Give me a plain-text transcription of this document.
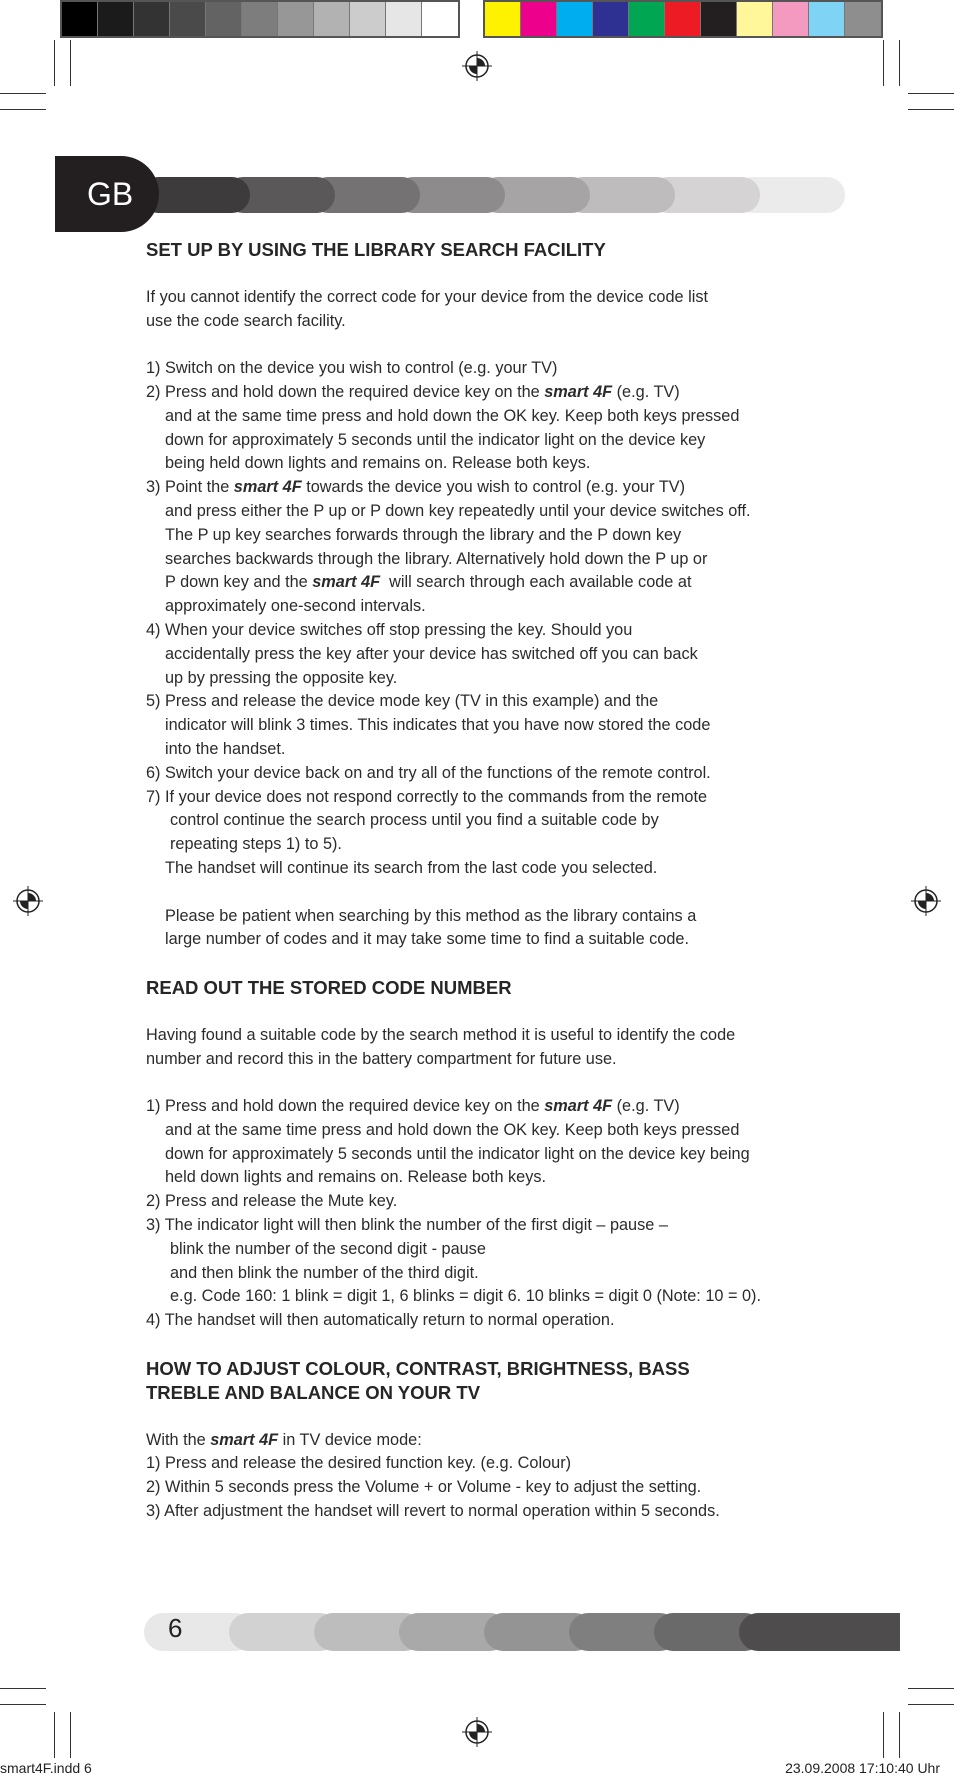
GB
SET UP BY USING THE LIBRARY SEARCH FACILITY

If you cannot identify the correct code for your device from the device code list

use the code search facility.

1) Switch on the device you wish to control (e.g. your TV)

2) Press and hold down the required device key on the smart 4F (e.g. TV)

and at the same time press and hold down the OK key. Keep both keys pressed

down for approximately 5 seconds until the indicator light on the device key

being held down lights and remains on. Release both keys.

3) Point the smart 4F towards the device you wish to control (e.g. your TV)

and press either the P up or P down key repeatedly until your device switches off.

The P up key searches forwards through the library and the P down key

searches backwards through the library. Alternatively hold down the P up or

P down key and the smart 4F  will search through each available code at

approximately one-second intervals.

4) When your device switches off stop pressing the key. Should you

accidentally press the key after your device has switched off you can back

up by pressing the opposite key.

5) Press and release the device mode key (TV in this example) and the

indicator will blink 3 times. This indicates that you have now stored the code

into the handset.

6) Switch your device back on and try all of the functions of the remote control.

7) If your device does not respond correctly to the commands from the remote

control continue the search process until you find a suitable code by

repeating steps 1) to 5).

The handset will continue its search from the last code you selected.

Please be patient when searching by this method as the library contains a

large number of codes and it may take some time to find a suitable code.

READ OUT THE STORED CODE NUMBER

Having found a suitable code by the search method it is useful to identify the code

number and record this in the battery compartment for future use.

1) Press and hold down the required device key on the smart 4F (e.g. TV)

and at the same time press and hold down the OK key. Keep both keys pressed

down for approximately 5 seconds until the indicator light on the device key being

held down lights and remains on. Release both keys.

2) Press and release the Mute key.

3) The indicator light will then blink the number of the first digit – pause –

blink the number of the second digit - pause

and then blink the number of the third digit.

e.g. Code 160: 1 blink = digit 1, 6 blinks = digit 6. 10 blinks = digit 0 (Note: 10 = 0).

4) The handset will then automatically return to normal operation.

HOW TO ADJUST COLOUR, CONTRAST, BRIGHTNESS, BASS
TREBLE AND BALANCE ON YOUR TV

With the smart 4F in TV device mode:

1) Press and release the desired function key. (e.g. Colour)

2) Within 5 seconds press the Volume + or Volume - key to adjust the setting.

3) After adjustment the handset will revert to normal operation within 5 seconds.

6
smart4F.indd 6	23.09.2008 17:10:40 Uhr
